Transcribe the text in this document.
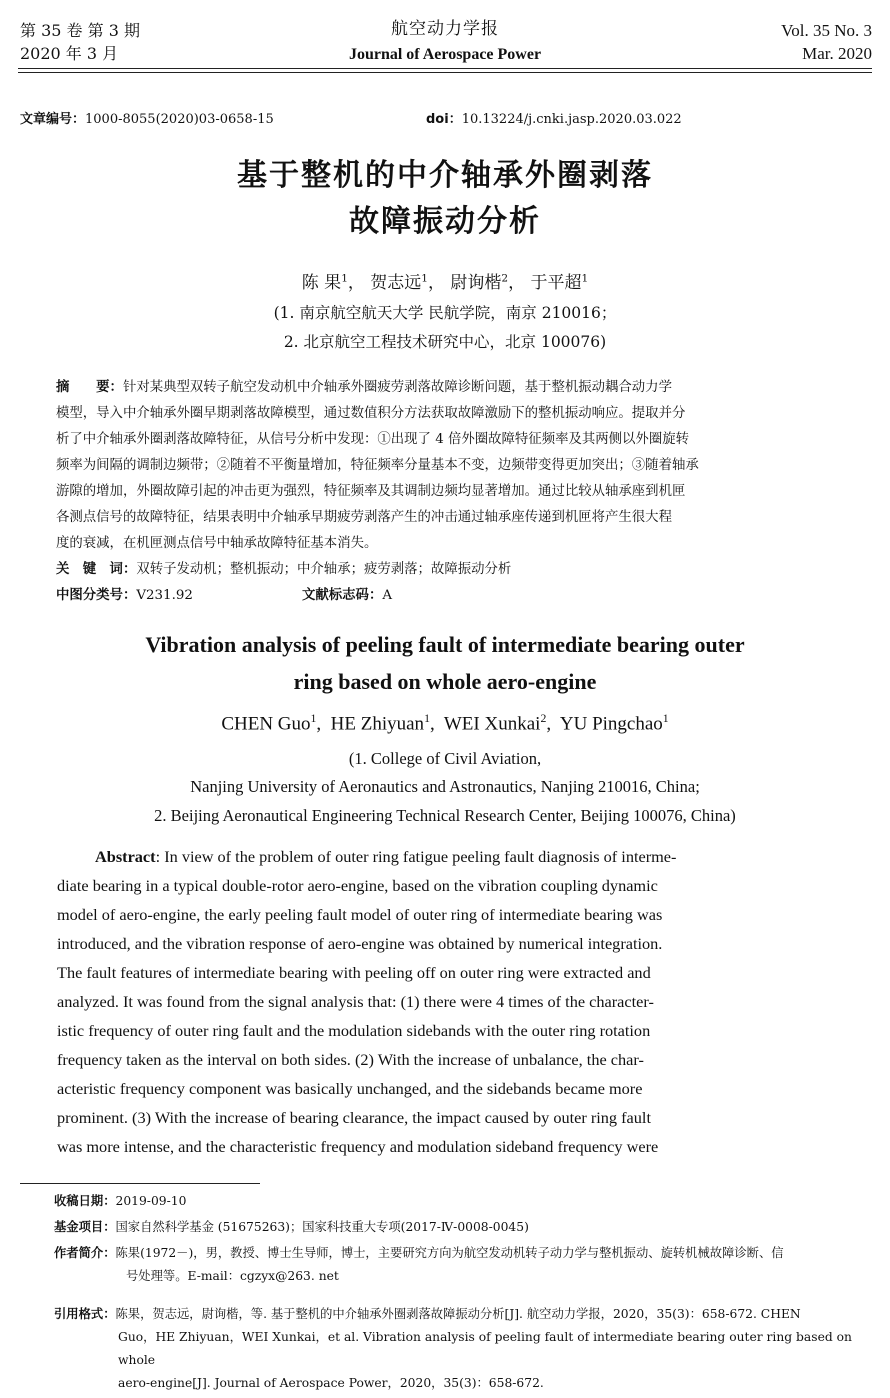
第 35 卷 第 3 期
2020 年 3 月
航空动力学报
Journal of Aerospace Power
Vol. 35 No. 3
Mar. 2020
文章编号：1000-8055(2020)03-0658-15	doi：10.13224/j.cnki.jasp.2020.03.022
基于整机的中介轴承外圈剥落
故障振动分析
陈 果$^1$， 贺志远$^1$， 尉询楷$^2$， 于平超$^1$
(1. 南京航空航天大学 民航学院，南京 210016；
2. 北京航空工程技术研究中心，北京 100076)
摘　　要：针对某典型双转子航空发动机中介轴承外圈疲劳剥落故障诊断问题，基于整机振动耦合动力学
模型，导入中介轴承外圈早期剥落故障模型，通过数值积分方法获取故障激励下的整机振动响应。提取并分
析了中介轴承外圈剥落故障特征，从信号分析中发现：①出现了 4 倍外圈故障特征频率及其两侧以外圈旋转
频率为间隔的调制边频带；②随着不平衡量增加，特征频率分量基本不变，边频带变得更加突出；③随着轴承
游隙的增加，外圈故障引起的冲击更为强烈，特征频率及其调制边频均显著增加。通过比较从轴承座到机匣
各测点信号的故障特征，结果表明中介轴承早期疲劳剥落产生的冲击通过轴承座传递到机匣将产生很大程
度的衰减，在机匣测点信号中轴承故障特征基本消失。
关　键　词：双转子发动机；整机振动；中介轴承；疲劳剥落；故障振动分析
中图分类号：V231.92	文献标志码：A
Vibration analysis of peeling fault of intermediate bearing outer
ring based on whole aero-engine
CHEN Guo$^1$,  HE Zhiyuan$^1$,  WEI Xunkai$^2$,  YU Pingchao$^1$
(1. College of Civil Aviation,
Nanjing University of Aeronautics and Astronautics, Nanjing 210016, China;
2. Beijing Aeronautical Engineering Technical Research Center, Beijing 100076, China)
Abstract: In view of the problem of outer ring fatigue peeling fault diagnosis of interme-
diate bearing in a typical double-rotor aero-engine, based on the vibration coupling dynamic
model of aero-engine, the early peeling fault model of outer ring of intermediate bearing was
introduced, and the vibration response of aero-engine was obtained by numerical integration.
The fault features of intermediate bearing with peeling off on outer ring were extracted and
analyzed. It was found from the signal analysis that: (1) there were 4 times of the character-
istic frequency of outer ring fault and the modulation sidebands with the outer ring rotation
frequency taken as the interval on both sides. (2) With the increase of unbalance, the char-
acteristic frequency component was basically unchanged, and the sidebands became more
prominent. (3) With the increase of bearing clearance, the impact caused by outer ring fault
was more intense, and the characteristic frequency and modulation sideband frequency were
收稿日期：2019-09-10
基金项目：国家自然科学基金 (51675263)；国家科技重大专项(2017-Ⅳ-0008-0045)
作者简介：陈果(1972－)，男，教授、博士生导师，博士，主要研究方向为航空发动机转子动力学与整机振动、旋转机械故障诊断、信
号处理等。E-mail：cgzyx@263. net
引用格式：陈果，贺志远，尉询楷，等. 基于整机的中介轴承外圈剥落故障振动分析[J]. 航空动力学报，2020，35(3)：658-672. CHEN
Guo，HE Zhiyuan，WEI Xunkai，et al. Vibration analysis of peeling fault of intermediate bearing outer ring based on whole
aero-engine[J]. Journal of Aerospace Power，2020，35(3)：658-672.
